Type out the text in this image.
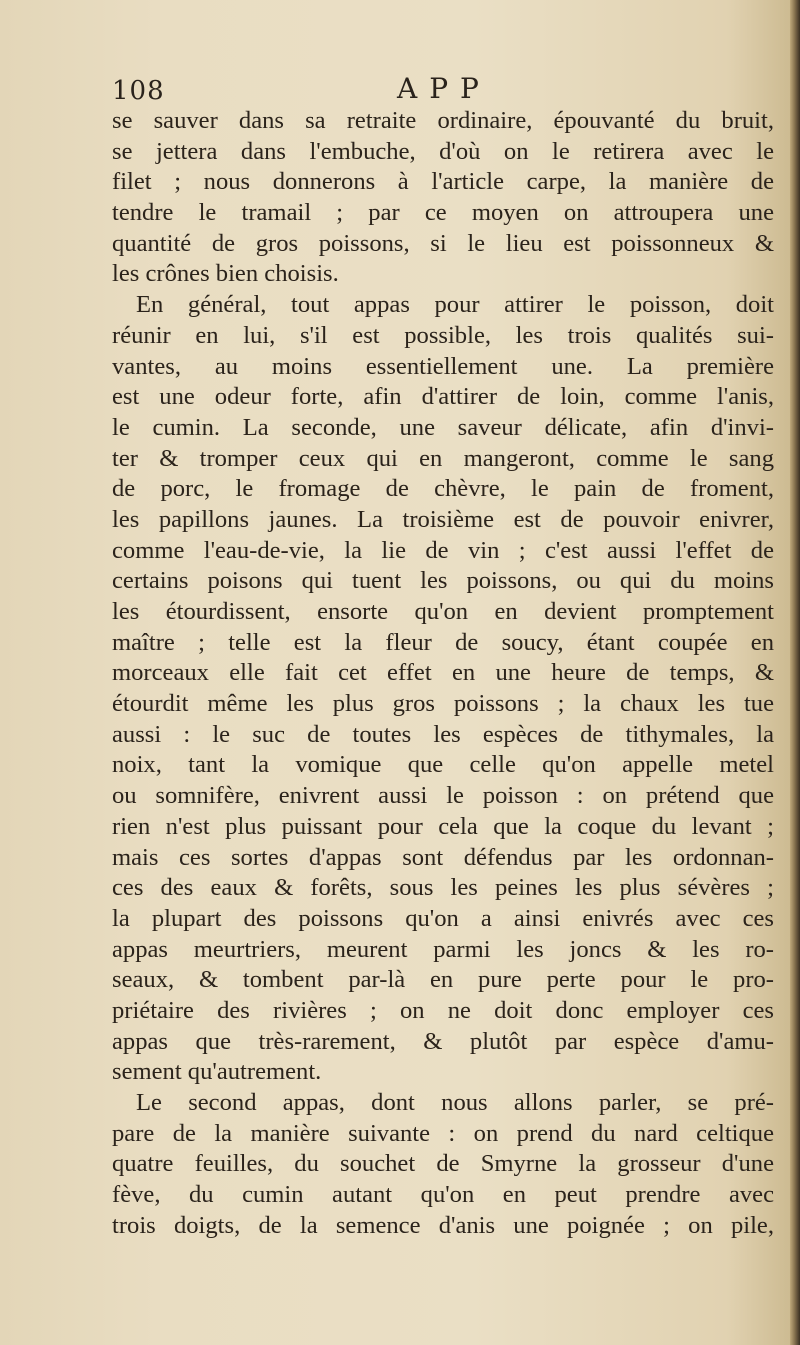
108	APP
se sauver dans sa retraite ordinaire, épouvanté du bruit,
se jettera dans l'embuche, d'où on le retirera avec le
filet ; nous donnerons à l'article carpe, la manière de
tendre le tramail ; par ce moyen on attroupera une
quantité de gros poissons, si le lieu est poissonneux &
les crônes bien choisis.
En général, tout appas pour attirer le poisson, doit
réunir en lui, s'il est possible, les trois qualités sui-
vantes, au moins essentiellement une. La première
est une odeur forte, afin d'attirer de loin, comme l'anis,
le cumin. La seconde, une saveur délicate, afin d'invi-
ter & tromper ceux qui en mangeront, comme le sang
de porc, le fromage de chèvre, le pain de froment,
les papillons jaunes. La troisième est de pouvoir enivrer,
comme l'eau-de-vie, la lie de vin ; c'est aussi l'effet de
certains poisons qui tuent les poissons, ou qui du moins
les étourdissent, ensorte qu'on en devient promptement
maître ; telle est la fleur de soucy, étant coupée en
morceaux elle fait cet effet en une heure de temps, &
étourdit même les plus gros poissons ; la chaux les tue
aussi : le suc de toutes les espèces de tithymales, la
noix, tant la vomique que celle qu'on appelle metel
ou somnifère, enivrent aussi le poisson : on prétend que
rien n'est plus puissant pour cela que la coque du levant ;
mais ces sortes d'appas sont défendus par les ordonnan-
ces des eaux & forêts, sous les peines les plus sévères ;
la plupart des poissons qu'on a ainsi enivrés avec ces
appas meurtriers, meurent parmi les joncs & les ro-
seaux, & tombent par-là en pure perte pour le pro-
priétaire des rivières ; on ne doit donc employer ces
appas que très-rarement, & plutôt par espèce d'amu-
sement qu'autrement.
Le second appas, dont nous allons parler, se pré-
pare de la manière suivante : on prend du nard celtique
quatre feuilles, du souchet de Smyrne la grosseur d'une
fève, du cumin autant qu'on en peut prendre avec
trois doigts, de la semence d'anis une poignée ; on pile,
